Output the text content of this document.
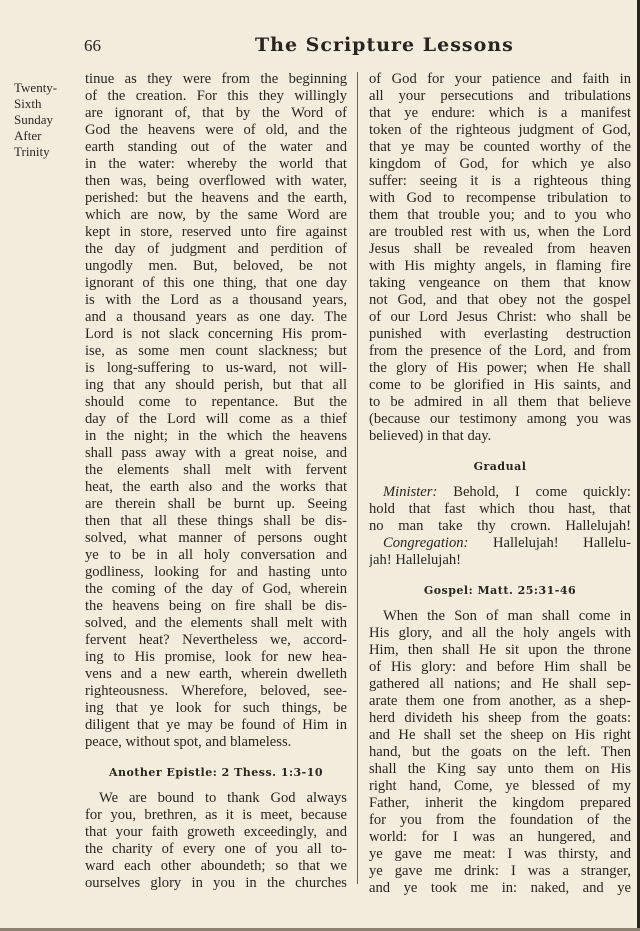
66	The Scripture Lessons
Twenty-
Sixth
Sunday
After
Trinity
tinue as they were from the beginning
of the creation. For this they willingly
are ignorant of, that by the Word of
God the heavens were of old, and the
earth standing out of the water and
in the water: whereby the world that
then was, being overflowed with water,
perished: but the heavens and the earth,
which are now, by the same Word are
kept in store, reserved unto fire against
the day of judgment and perdition of
ungodly men. But, beloved, be not
ignorant of this one thing, that one day
is with the Lord as a thousand years,
and a thousand years as one day. The
Lord is not slack concerning His prom-
ise, as some men count slackness; but
is long-suffering to us-ward, not will-
ing that any should perish, but that all
should come to repentance. But the
day of the Lord will come as a thief
in the night; in the which the heavens
shall pass away with a great noise, and
the elements shall melt with fervent
heat, the earth also and the works that
are therein shall be burnt up. Seeing
then that all these things shall be dis-
solved, what manner of persons ought
ye to be in all holy conversation and
godliness, looking for and hasting unto
the coming of the day of God, wherein
the heavens being on fire shall be dis-
solved, and the elements shall melt with
fervent heat? Nevertheless we, accord-
ing to His promise, look for new hea-
vens and a new earth, wherein dwelleth
righteousness. Wherefore, beloved, see-
ing that ye look for such things, be
diligent that ye may be found of Him in
peace, without spot, and blameless.
Another Epistle: 2 Thess. 1:3-10
We are bound to thank God always
for you, brethren, as it is meet, because
that your faith groweth exceedingly, and
the charity of every one of you all to-
ward each other aboundeth; so that we
ourselves glory in you in the churches
of God for your patience and faith in
all your persecutions and tribulations
that ye endure: which is a manifest
token of the righteous judgment of God,
that ye may be counted worthy of the
kingdom of God, for which ye also
suffer: seeing it is a righteous thing
with God to recompense tribulation to
them that trouble you; and to you who
are troubled rest with us, when the Lord
Jesus shall be revealed from heaven
with His mighty angels, in flaming fire
taking vengeance on them that know
not God, and that obey not the gospel
of our Lord Jesus Christ: who shall be
punished with everlasting destruction
from the presence of the Lord, and from
the glory of His power; when He shall
come to be glorified in His saints, and
to be admired in all them that believe
(because our testimony among you was
believed) in that day.
Gradual
Minister: Behold, I come quickly:
hold that fast which thou hast, that
no man take thy crown. Hallelujah!
Congregation: Hallelujah! Hallelu-
jah! Hallelujah!
Gospel: Matt. 25:31-46
When the Son of man shall come in
His glory, and all the holy angels with
Him, then shall He sit upon the throne
of His glory: and before Him shall be
gathered all nations; and He shall sep-
arate them one from another, as a shep-
herd divideth his sheep from the goats:
and He shall set the sheep on His right
hand, but the goats on the left. Then
shall the King say unto them on His
right hand, Come, ye blessed of my
Father, inherit the kingdom prepared
for you from the foundation of the
world: for I was an hungered, and
ye gave me meat: I was thirsty, and
ye gave me drink: I was a stranger,
and ye took me in: naked, and ye
